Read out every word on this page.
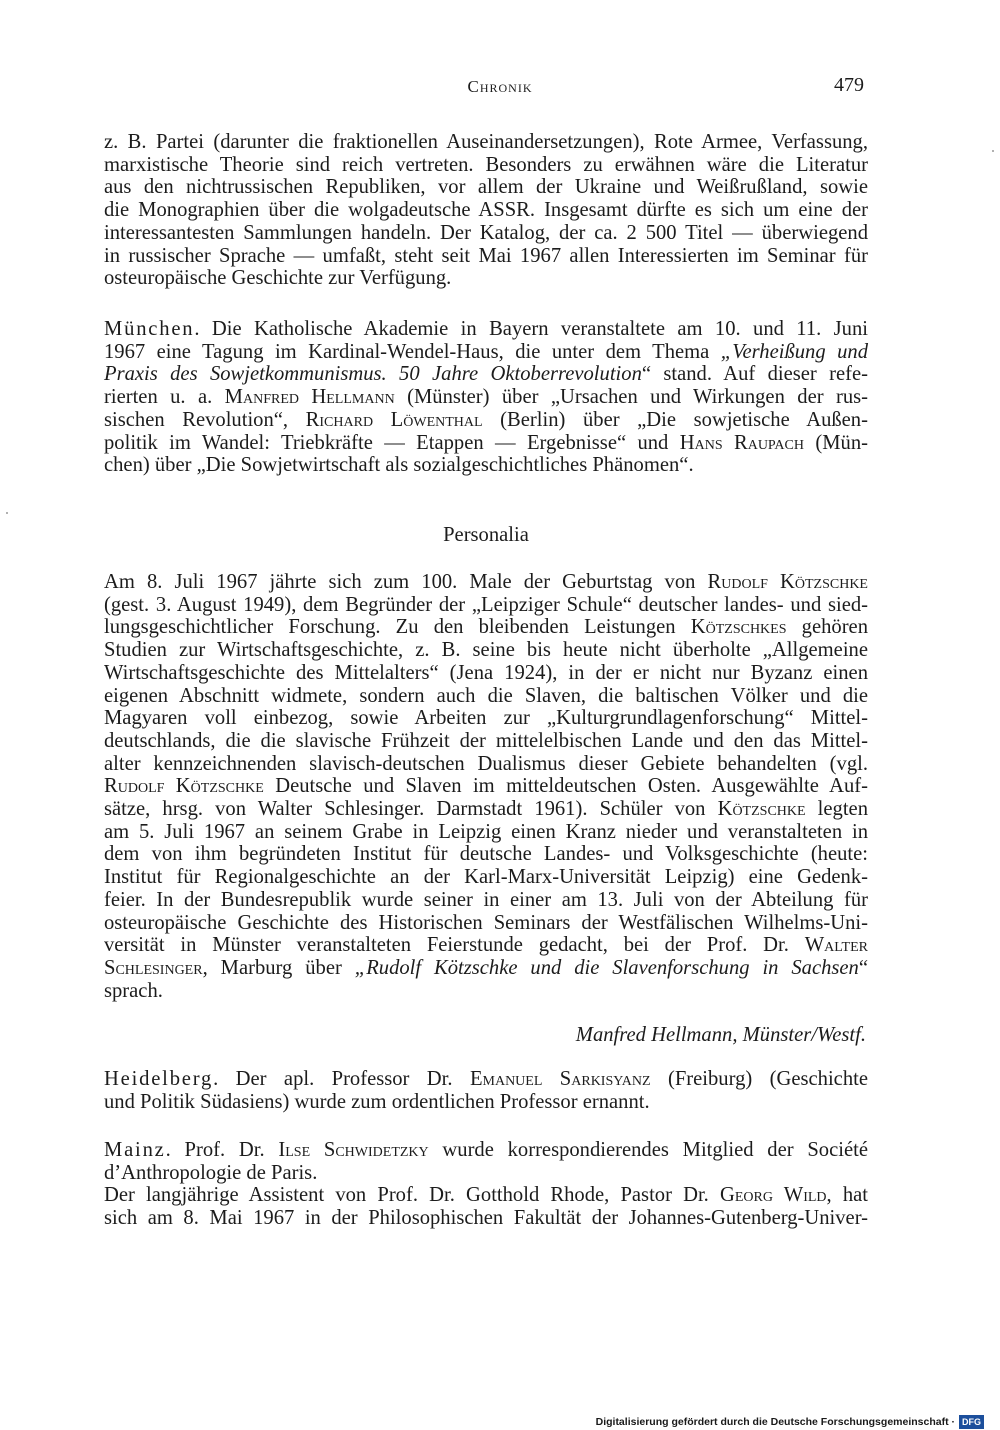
Chronik	479
z. B. Partei (darunter die fraktionellen Auseinandersetzungen), Rote Armee, Verfassung,
marxistische Theorie sind reich vertreten. Besonders zu erwähnen wäre die Literatur
aus den nichtrussischen Republiken, vor allem der Ukraine und Weißrußland, sowie
die Monographien über die wolgadeutsche ASSR. Insgesamt dürfte es sich um eine der
interessantesten Sammlungen handeln. Der Katalog, der ca. 2 500 Titel — überwiegend
in russischer Sprache — umfaßt, steht seit Mai 1967 allen Interessierten im Seminar für
osteuropäische Geschichte zur Verfügung.
München. Die Katholische Akademie in Bayern veranstaltete am 10. und 11. Juni
1967 eine Tagung im Kardinal-Wendel-Haus, die unter dem Thema „Verheißung und
Praxis des Sowjetkommunismus. 50 Jahre Oktoberrevolution“ stand. Auf dieser refe-
rierten u. a. Manfred Hellmann (Münster) über „Ursachen und Wirkungen der rus-
sischen Revolution“, Richard Löwenthal (Berlin) über „Die sowjetische Außen-
politik im Wandel: Triebkräfte — Etappen — Ergebnisse“ und Hans Raupach (Mün-
chen) über „Die Sowjetwirtschaft als sozialgeschichtliches Phänomen“.
Personalia
Am 8. Juli 1967 jährte sich zum 100. Male der Geburtstag von Rudolf Kötzschke
(gest. 3. August 1949), dem Begründer der „Leipziger Schule“ deutscher landes- und sied-
lungsgeschichtlicher Forschung. Zu den bleibenden Leistungen Kötzschkes gehören
Studien zur Wirtschaftsgeschichte, z. B. seine bis heute nicht überholte „Allgemeine
Wirtschaftsgeschichte des Mittelalters“ (Jena 1924), in der er nicht nur Byzanz einen
eigenen Abschnitt widmete, sondern auch die Slaven, die baltischen Völker und die
Magyaren voll einbezog, sowie Arbeiten zur „Kulturgrundlagenforschung“ Mittel-
deutschlands, die die slavische Frühzeit der mittelelbischen Lande und den das Mittel-
alter kennzeichnenden slavisch-deutschen Dualismus dieser Gebiete behandelten (vgl.
Rudolf Kötzschke Deutsche und Slaven im mitteldeutschen Osten. Ausgewählte Auf-
sätze, hrsg. von Walter Schlesinger. Darmstadt 1961). Schüler von Kötzschke legten
am 5. Juli 1967 an seinem Grabe in Leipzig einen Kranz nieder und veranstalteten in
dem von ihm begründeten Institut für deutsche Landes- und Volksgeschichte (heute:
Institut für Regionalgeschichte an der Karl-Marx-Universität Leipzig) eine Gedenk-
feier. In der Bundesrepublik wurde seiner in einer am 13. Juli von der Abteilung für
osteuropäische Geschichte des Historischen Seminars der Westfälischen Wilhelms-Uni-
versität in Münster veranstalteten Feierstunde gedacht, bei der Prof. Dr. Walter
Schlesinger, Marburg über „Rudolf Kötzschke und die Slavenforschung in Sachsen“
sprach.
Manfred Hellmann, Münster/Westf.
Heidelberg. Der apl. Professor Dr. Emanuel Sarkisyanz (Freiburg) (Geschichte
und Politik Südasiens) wurde zum ordentlichen Professor ernannt.
Mainz. Prof. Dr. Ilse Schwidetzky wurde korrespondierendes Mitglied der Société
d’Anthropologie de Paris.
Der langjährige Assistent von Prof. Dr. Gotthold Rhode, Pastor Dr. Georg Wild, hat
sich am 8. Mai 1967 in der Philosophischen Fakultät der Johannes-Gutenberg-Univer-
Digitalisierung gefördert durch die Deutsche Forschungsgemeinschaft · DFG
